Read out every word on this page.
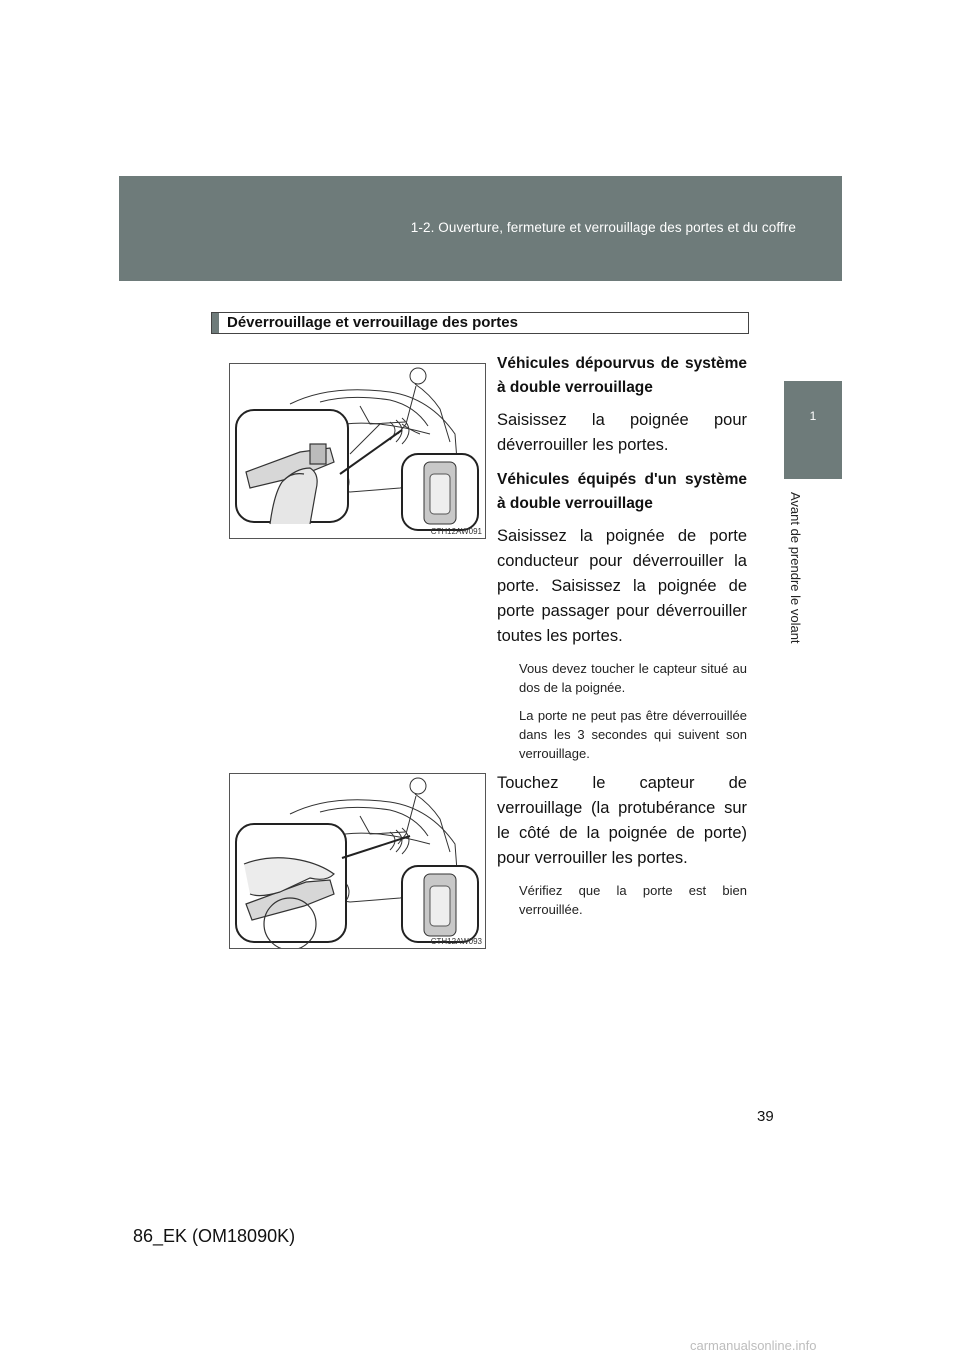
1-2. Ouverture, fermeture et verrouillage des portes et du coffre
1
Avant de prendre le volant
Déverrouillage et verrouillage des portes
CTH12AW091
CTH12AW093

Véhicules dépourvus de système à double verrouillage

Saisissez la poignée pour déverrouiller les portes.

Véhicules équipés d'un système à double verrouillage

Saisissez la poignée de porte conducteur pour déverrouiller la porte. Saisissez la poignée de porte passager pour déverrouiller toutes les portes.

Vous devez toucher le capteur situé au dos de la poignée.

La porte ne peut pas être déverrouillée dans les 3 secondes qui suivent son verrouillage.

Touchez le capteur de verrouillage (la protubérance sur le côté de la poignée de porte) pour verrouiller les portes.

Vérifiez que la porte est bien verrouillée.

39
86_EK (OM18090K)
carmanualsonline.info
